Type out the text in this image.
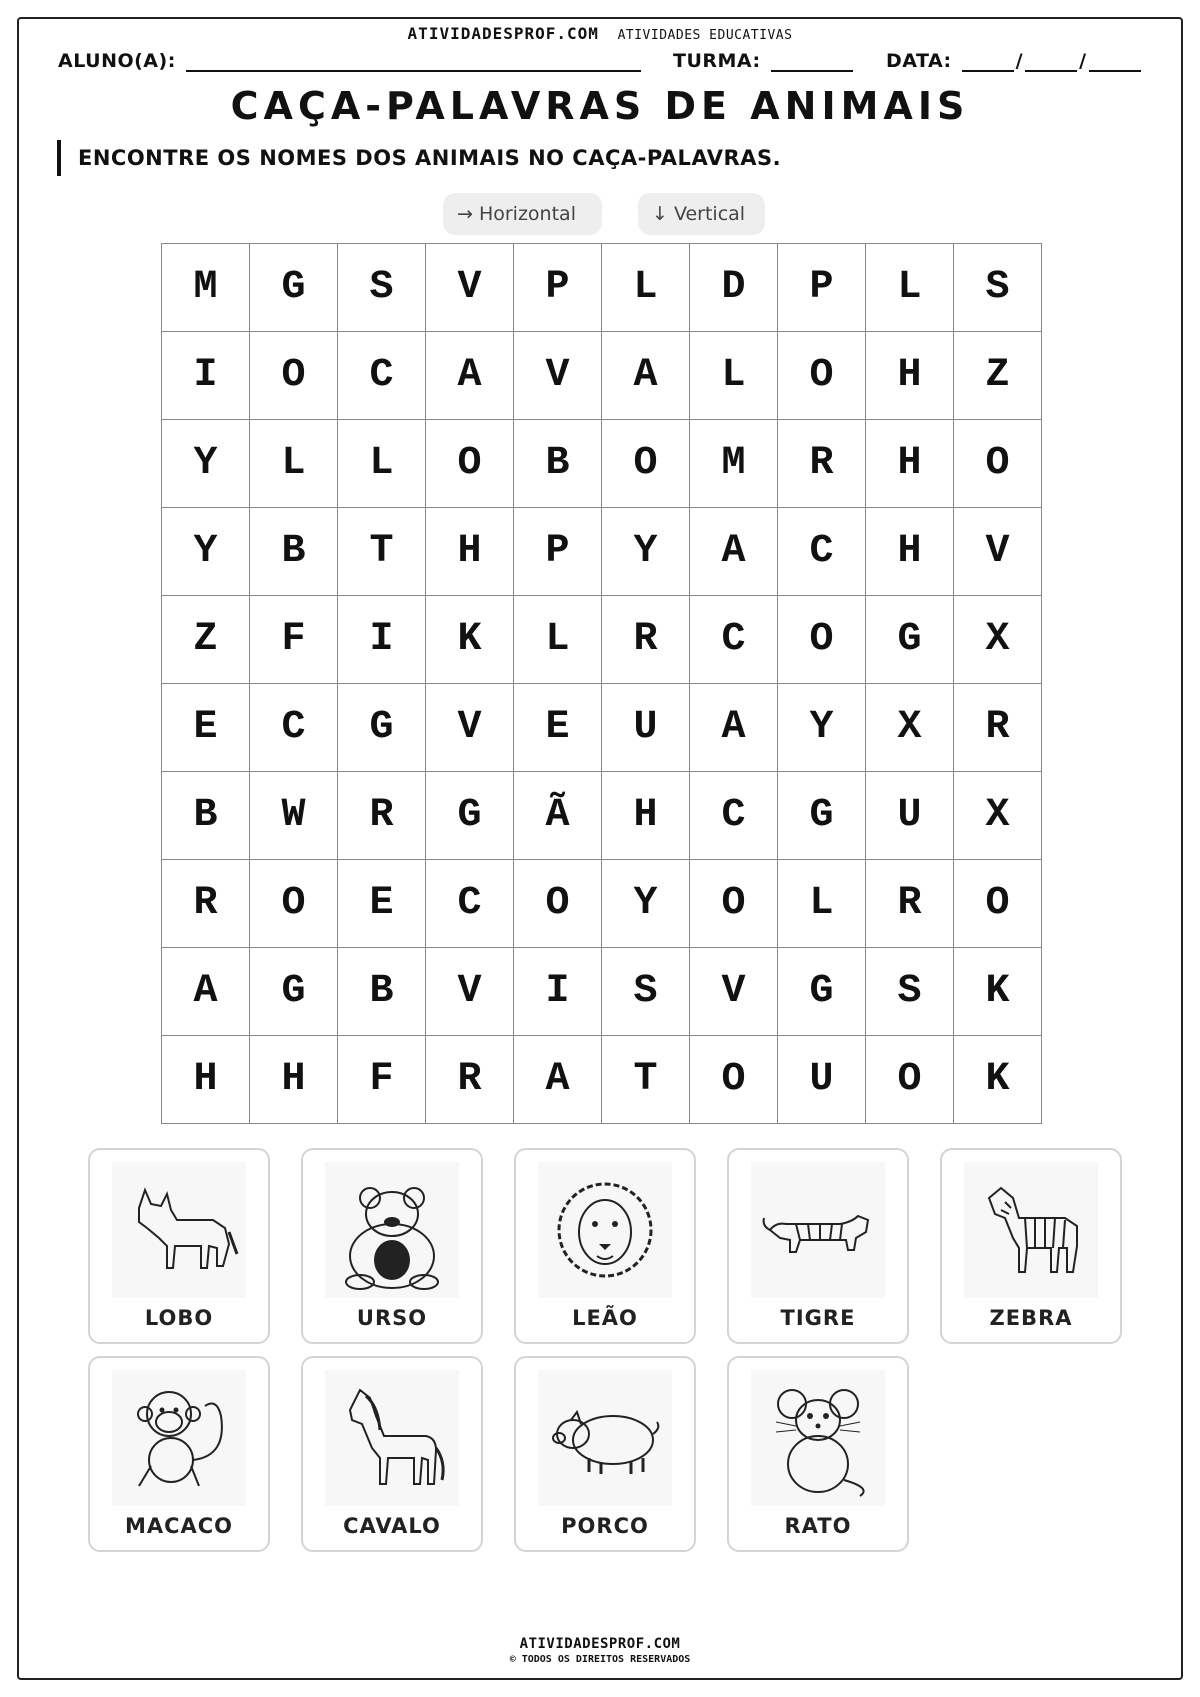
ATIVIDADESPROF.COM ATIVIDADES EDUCATIVAS
ALUNO(A):	TURMA:	DATA:	/	/
CAÇA-PALAVRAS DE ANIMAIS
ENCONTRE OS NOMES DOS ANIMAIS NO CAÇA-PALAVRAS.
→ Horizontal	↓ Vertical
M	G	S	V	P	L	D	P	L	S
I	O	C	A	V	A	L	O	H	Z
Y	L	L	O	B	O	M	R	H	O
Y	B	T	H	P	Y	A	C	H	V
Z	F	I	K	L	R	C	O	G	X
E	C	G	V	E	U	A	Y	X	R
B	W	R	G	Ã	H	C	G	U	X
R	O	E	C	O	Y	O	L	R	O
A	G	B	V	I	S	V	G	S	K
H	H	F	R	A	T	O	U	O	K
LOBO	URSO	LEÃO	TIGRE	ZEBRA
MACACO	CAVALO	PORCO	RATO
ATIVIDADESPROF.COM
© TODOS OS DIREITOS RESERVADOS
